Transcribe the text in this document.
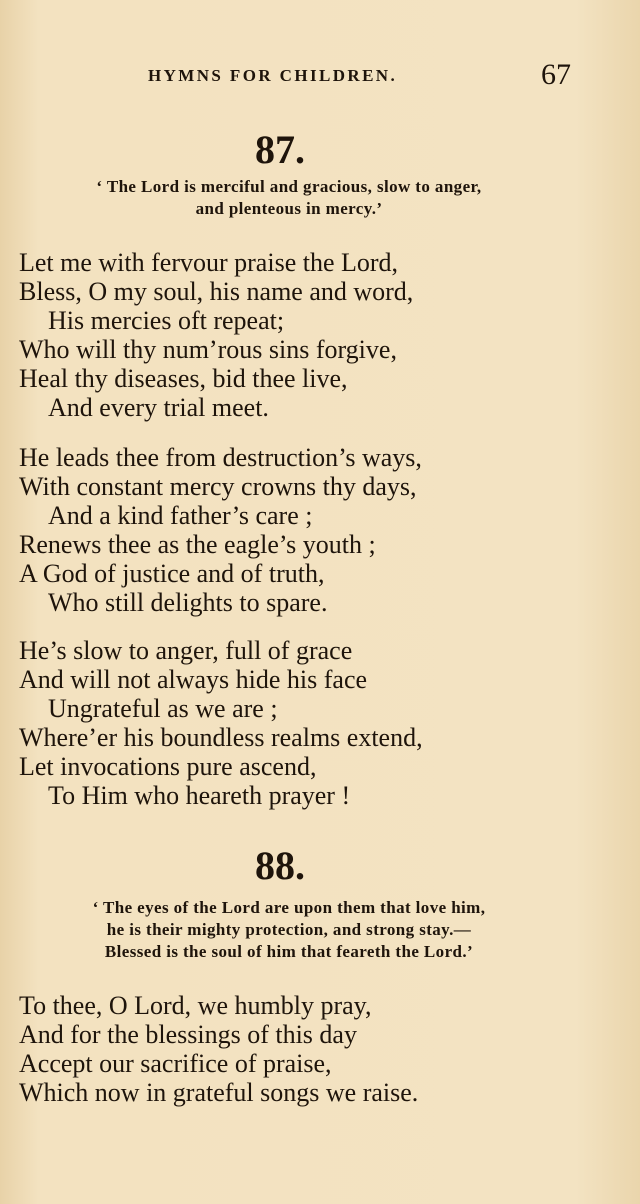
HYMNS FOR CHILDREN.	67
87.
‘ The Lord is merciful and gracious, slow to anger,
and plenteous in mercy.’
Let me with fervour praise the Lord,
Bless, O my soul, his name and word,
His mercies oft repeat;
Who will thy num’rous sins forgive,
Heal thy diseases, bid thee live,
And every trial meet.
He leads thee from destruction’s ways,
With constant mercy crowns thy days,
And a kind father’s care ;
Renews thee as the eagle’s youth ;
A God of justice and of truth,
Who still delights to spare.
He’s slow to anger, full of grace
And will not always hide his face
Ungrateful as we are ;
Where’er his boundless realms extend,
Let invocations pure ascend,
To Him who heareth prayer !
88.
‘ The eyes of the Lord are upon them that love him,
he is their mighty protection, and strong stay.—
Blessed is the soul of him that feareth the Lord.’
To thee, O Lord, we humbly pray,
And for the blessings of this day
Accept our sacrifice of praise,
Which now in grateful songs we raise.
